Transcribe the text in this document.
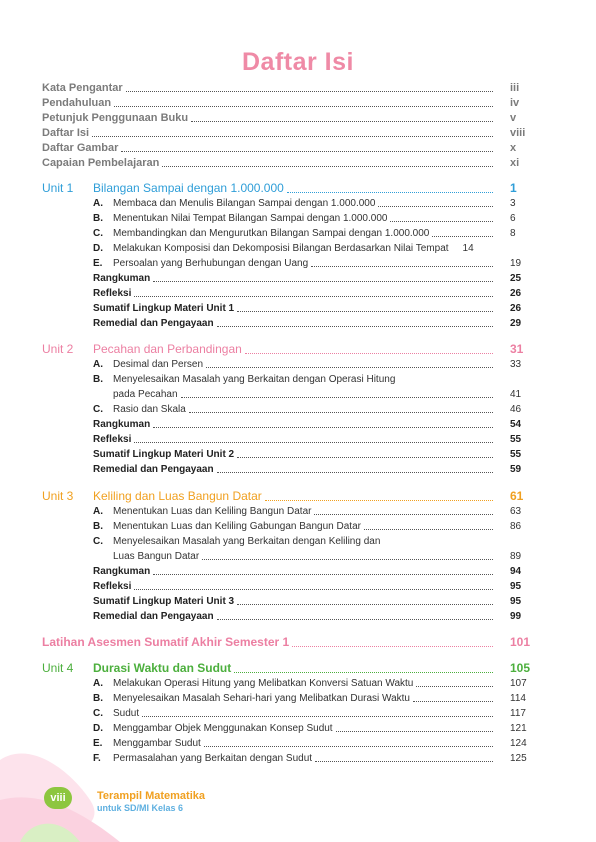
Daftar Isi
Kata Pengantar	iii
Pendahuluan	iv
Petunjuk Penggunaan Buku	v
Daftar Isi	viii
Daftar Gambar	x
Capaian Pembelajaran	xi
Unit 1	Bilangan Sampai dengan 1.000.000	1
A.	Membaca dan Menulis Bilangan Sampai dengan 1.000.000	3
B.	Menentukan Nilai Tempat Bilangan Sampai dengan 1.000.000	6
C.	Membandingkan dan Mengurutkan Bilangan Sampai dengan 1.000.000	8
D.	Melakukan Komposisi dan Dekomposisi Bilangan Berdasarkan Nilai Tempat 14
E.	Persoalan yang Berhubungan dengan Uang	19
Rangkuman	25
Refleksi	26
Sumatif Lingkup Materi Unit 1	26
Remedial dan Pengayaan	29
Unit 2	Pecahan dan Perbandingan	31
A.	Desimal dan Persen	33
B.	Menyelesaikan Masalah yang Berkaitan dengan Operasi Hitung
pada Pecahan	41
C.	Rasio dan Skala	46
Rangkuman	54
Refleksi	55
Sumatif Lingkup Materi Unit 2	55
Remedial dan Pengayaan	59
Unit 3	Keliling dan Luas Bangun Datar	61
A.	Menentukan Luas dan Keliling Bangun Datar	63
B.	Menentukan Luas dan Keliling Gabungan Bangun Datar	86
C.	Menyelesaikan Masalah yang Berkaitan dengan Keliling dan
Luas Bangun Datar	89
Rangkuman	94
Refleksi	95
Sumatif Lingkup Materi Unit 3	95
Remedial dan Pengayaan	99
Latihan Asesmen Sumatif Akhir Semester 1	101
Unit 4	Durasi Waktu dan Sudut	105
A.	Melakukan Operasi Hitung yang Melibatkan Konversi Satuan Waktu	107
B.	Menyelesaikan Masalah Sehari-hari yang Melibatkan Durasi Waktu	114
C.	Sudut	117
D.	Menggambar Objek Menggunakan Konsep Sudut	121
E.	Menggambar Sudut	124
F.	Permasalahan yang Berkaitan dengan Sudut	125
viii	Terampil Matematika
untuk SD/MI Kelas 6
